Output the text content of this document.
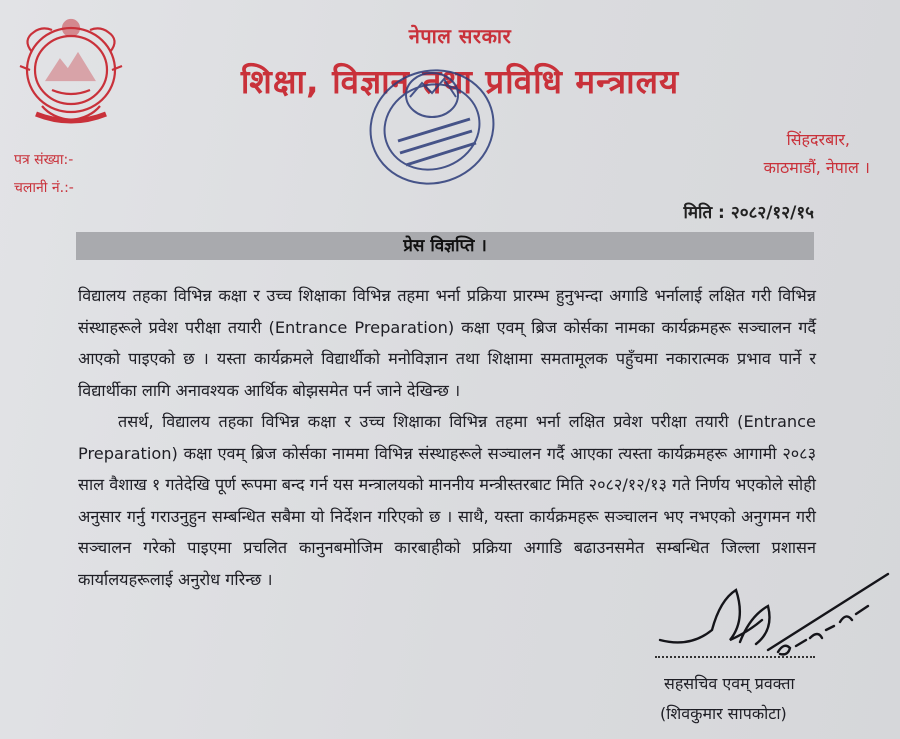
नेपाल सरकार
शिक्षा, विज्ञान तथा प्रविधि मन्त्रालय
सिंहदरबार,
काठमाडौं, नेपाल ।
पत्र संख्या:-
चलानी नं.:-
मिति : २०८२/१२/१५
प्रेस विज्ञप्ति ।

विद्यालय तहका विभिन्न कक्षा र उच्च शिक्षाका विभिन्न तहमा भर्ना प्रक्रिया प्रारम्भ हुनुभन्दा अगाडि भर्नालाई लक्षित गरी विभिन्न संस्थाहरूले प्रवेश परीक्षा तयारी (Entrance Preparation) कक्षा एवम् ब्रिज कोर्सका नामका कार्यक्रमहरू सञ्चालन गर्दै आएको पाइएको छ । यस्ता कार्यक्रमले विद्यार्थीको मनोविज्ञान तथा शिक्षामा समतामूलक पहुँचमा नकारात्मक प्रभाव पार्ने र विद्यार्थीका लागि अनावश्यक आर्थिक बोझसमेत पर्न जाने देखिन्छ ।

तसर्थ, विद्यालय तहका विभिन्न कक्षा र उच्च शिक्षाका विभिन्न तहमा भर्ना लक्षित प्रवेश परीक्षा तयारी (Entrance Preparation) कक्षा एवम् ब्रिज कोर्सका नाममा विभिन्न संस्थाहरूले सञ्चालन गर्दै आएका त्यस्ता कार्यक्रमहरू आगामी २०८३ साल वैशाख १ गतेदेखि पूर्ण रूपमा बन्द गर्न यस मन्त्रालयको माननीय मन्त्रीस्तरबाट मिति २०८२/१२/१३ गते निर्णय भएकोले सोही अनुसार गर्नु गराउनुहुन सम्बन्धित सबैमा यो निर्देशन गरिएको छ । साथै, यस्ता कार्यक्रमहरू सञ्चालन भए नभएको अनुगमन गरी सञ्चालन गरेको पाइएमा प्रचलित कानुनबमोजिम कारबाहीको प्रक्रिया अगाडि बढाउनसमेत सम्बन्धित जिल्ला प्रशासन कार्यालयहरूलाई अनुरोध गरिन्छ ।

सहसचिव एवम् प्रवक्ता
(शिवकुमार सापकोटा)
